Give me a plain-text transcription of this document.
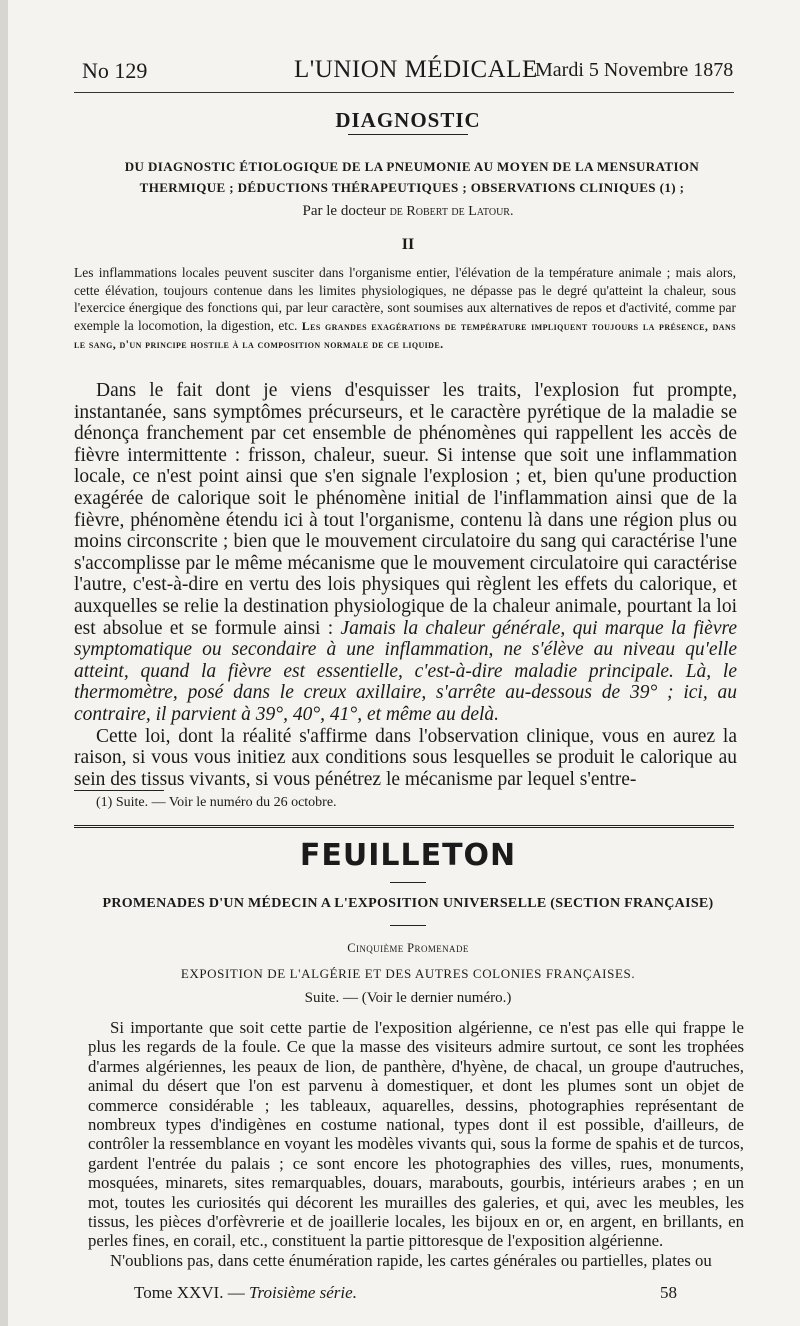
No 129	L'UNION MÉDICALE
Mardi 5 Novembre 1878
DIAGNOSTIC
DU DIAGNOSTIC ÉTIOLOGIQUE DE LA PNEUMONIE AU MOYEN DE LA MENSURATION
THERMIQUE ; DÉDUCTIONS THÉRAPEUTIQUES ; OBSERVATIONS CLINIQUES (1) ;
Par le docteur de Robert de Latour.
II
Les inflammations locales peuvent susciter dans l'organisme entier, l'élévation de la température animale ; mais alors, cette élévation, toujours contenue dans les limites physiologiques, ne dépasse pas le degré qu'atteint la chaleur, sous l'exercice énergique des fonctions qui, par leur caractère, sont soumises aux alternatives de repos et d'activité, comme par exemple la locomotion, la digestion, etc. Les grandes exagérations de température impliquent toujours la présence, dans le sang, d'un principe hostile à la composition normale de ce liquide.

Dans le fait dont je viens d'esquisser les traits, l'explosion fut prompte, instantanée, sans symptômes précurseurs, et le caractère pyrétique de la maladie se dénonça franchement par cet ensemble de phénomènes qui rappellent les accès de fièvre intermittente : frisson, chaleur, sueur. Si intense que soit une inflammation locale, ce n'est point ainsi que s'en signale l'explosion ; et, bien qu'une production exagérée de calorique soit le phénomène initial de l'inflammation ainsi que de la fièvre, phénomène étendu ici à tout l'organisme, contenu là dans une région plus ou moins circonscrite ; bien que le mouvement circulatoire du sang qui caractérise l'une s'accomplisse par le même mécanisme que le mouvement circulatoire qui caractérise l'autre, c'est-à-dire en vertu des lois physiques qui règlent les effets du calorique, et auxquelles se relie la destination physiologique de la chaleur animale, pourtant la loi est absolue et se formule ainsi : Jamais la chaleur générale, qui marque la fièvre symptomatique ou secondaire à une inflammation, ne s'élève au niveau qu'elle atteint, quand la fièvre est essentielle, c'est-à-dire maladie principale. Là, le thermomètre, posé dans le creux axillaire, s'arrête au-dessous de 39° ; ici, au contraire, il parvient à 39°, 40°, 41°, et même au delà.

Cette loi, dont la réalité s'affirme dans l'observation clinique, vous en aurez la raison, si vous vous initiez aux conditions sous lesquelles se produit le calorique au sein des tissus vivants, si vous pénétrez le mécanisme par lequel s'entre-

(1) Suite. — Voir le numéro du 26 octobre.
FEUILLETON
PROMENADES D'UN MÉDECIN A L'EXPOSITION UNIVERSELLE (SECTION FRANÇAISE)
Cinquième Promenade
EXPOSITION DE L'ALGÉRIE ET DES AUTRES COLONIES FRANÇAISES.
Suite. — (Voir le dernier numéro.)

Si importante que soit cette partie de l'exposition algérienne, ce n'est pas elle qui frappe le plus les regards de la foule. Ce que la masse des visiteurs admire surtout, ce sont les trophées d'armes algériennes, les peaux de lion, de panthère, d'hyène, de chacal, un groupe d'autruches, animal du désert que l'on est parvenu à domestiquer, et dont les plumes sont un objet de commerce considérable ; les tableaux, aquarelles, dessins, photographies représentant de nombreux types d'indigènes en costume national, types dont il est possible, d'ailleurs, de contrôler la ressemblance en voyant les modèles vivants qui, sous la forme de spahis et de turcos, gardent l'entrée du palais ; ce sont encore les photographies des villes, rues, monuments, mosquées, minarets, sites remarquables, douars, marabouts, gourbis, intérieurs arabes ; en un mot, toutes les curiosités qui décorent les murailles des galeries, et qui, avec les meubles, les tissus, les pièces d'orfèvrerie et de joaillerie locales, les bijoux en or, en argent, en brillants, en perles fines, en corail, etc., constituent la partie pittoresque de l'exposition algérienne.

N'oublions pas, dans cette énumération rapide, les cartes générales ou partielles, plates ou

Tome XXVI. — Troisième série.	58
